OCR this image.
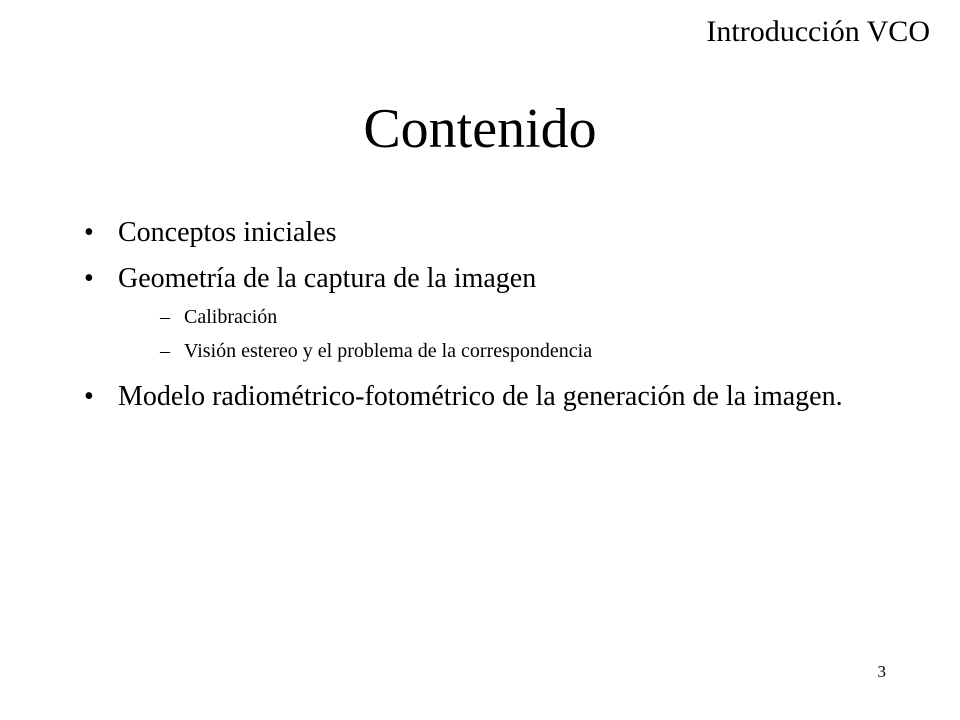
Introducción VCO
Contenido
• Conceptos iniciales
• Geometría de la captura de la imagen
– Calibración
– Visión estereo y el problema de la correspondencia
• Modelo radiométrico-fotométrico de la generación de la imagen.
3
